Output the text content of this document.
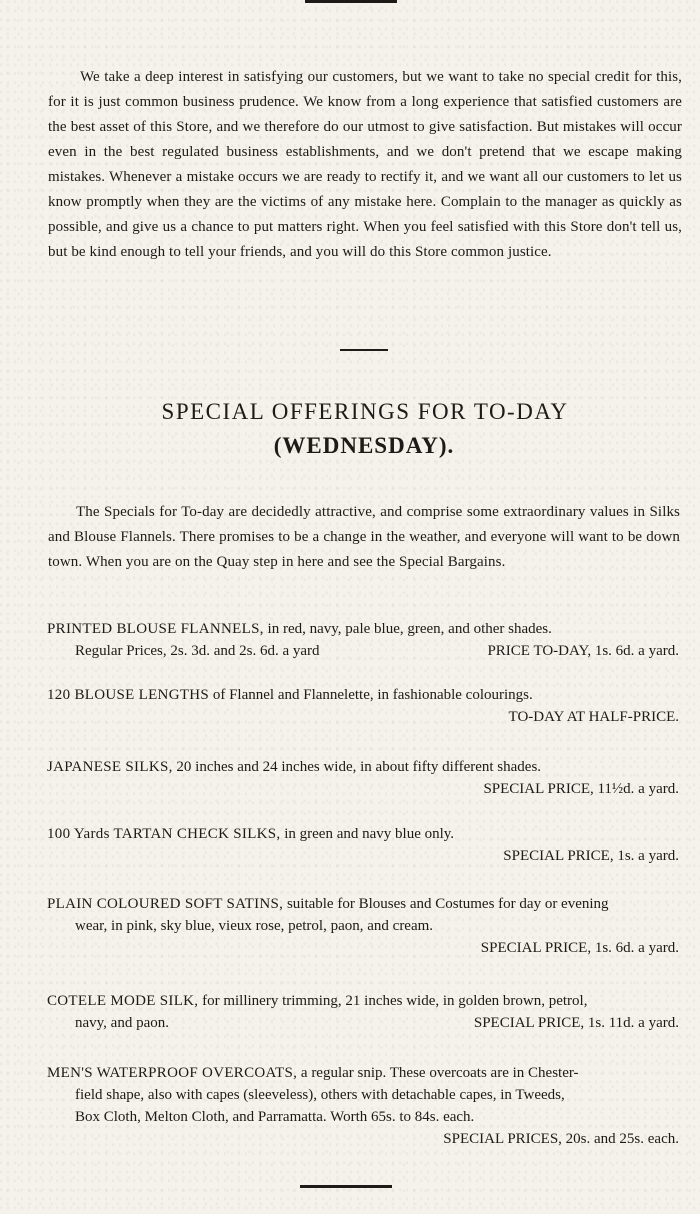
We take a deep interest in satisfying our customers, but we want to take no special credit for this, for it is just common business prudence. We know from a long experience that satisfied customers are the best asset of this Store, and we therefore do our utmost to give satisfaction. But mistakes will occur even in the best regulated business establishments, and we don't pretend that we escape making mistakes. Whenever a mistake occurs we are ready to rectify it, and we want all our customers to let us know promptly when they are the victims of any mistake here. Complain to the manager as quickly as possible, and give us a chance to put matters right. When you feel satisfied with this Store don't tell us, but be kind enough to tell your friends, and you will do this Store common justice.

SPECIAL OFFERINGS FOR TO-DAY
(WEDNESDAY).

The Specials for To-day are decidedly attractive, and comprise some extraordinary values in Silks and Blouse Flannels. There promises to be a change in the weather, and everyone will want to be down town. When you are on the Quay step in here and see the Special Bargains.

PRINTED BLOUSE FLANNELS, in red, navy, pale blue, green, and other shades.
Regular Prices, 2s. 3d. and 2s. 6d. a yard	PRICE TO-DAY, 1s. 6d. a yard.
120 BLOUSE LENGTHS of Flannel and Flannelette, in fashionable colourings.
TO-DAY AT HALF-PRICE.
JAPANESE SILKS, 20 inches and 24 inches wide, in about fifty different shades.
SPECIAL PRICE, 11½d. a yard.
100 Yards TARTAN CHECK SILKS, in green and navy blue only.
SPECIAL PRICE, 1s. a yard.
PLAIN COLOURED SOFT SATINS, suitable for Blouses and Costumes for day or evening
wear, in pink, sky blue, vieux rose, petrol, paon, and cream.
SPECIAL PRICE, 1s. 6d. a yard.
COTELE MODE SILK, for millinery trimming, 21 inches wide, in golden brown, petrol,
navy, and paon.	SPECIAL PRICE, 1s. 11d. a yard.
MEN'S WATERPROOF OVERCOATS, a regular snip. These overcoats are in Chester-
field shape, also with capes (sleeveless), others with detachable capes, in Tweeds,
Box Cloth, Melton Cloth, and Parramatta. Worth 65s. to 84s. each.
SPECIAL PRICES, 20s. and 25s. each.
